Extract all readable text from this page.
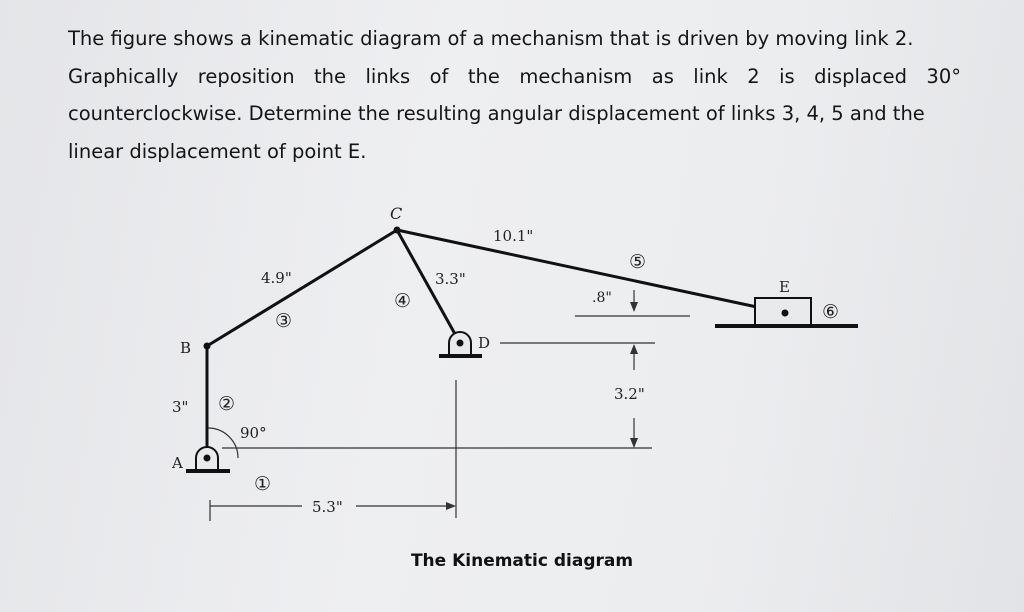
The figure shows a kinematic diagram of a mechanism that is driven by moving link 2.
Graphically reposition the links of the mechanism as link 2 is displaced 30°
counterclockwise. Determine the resulting angular displacement of links 3, 4, 5 and the
linear displacement of point E.
C
B
A
D
E
10.1"
4.9"	3.3"
.8"
3.2"
3"
90°
5.3"
①
②
③
④
⑤
⑥
The Kinematic diagram
